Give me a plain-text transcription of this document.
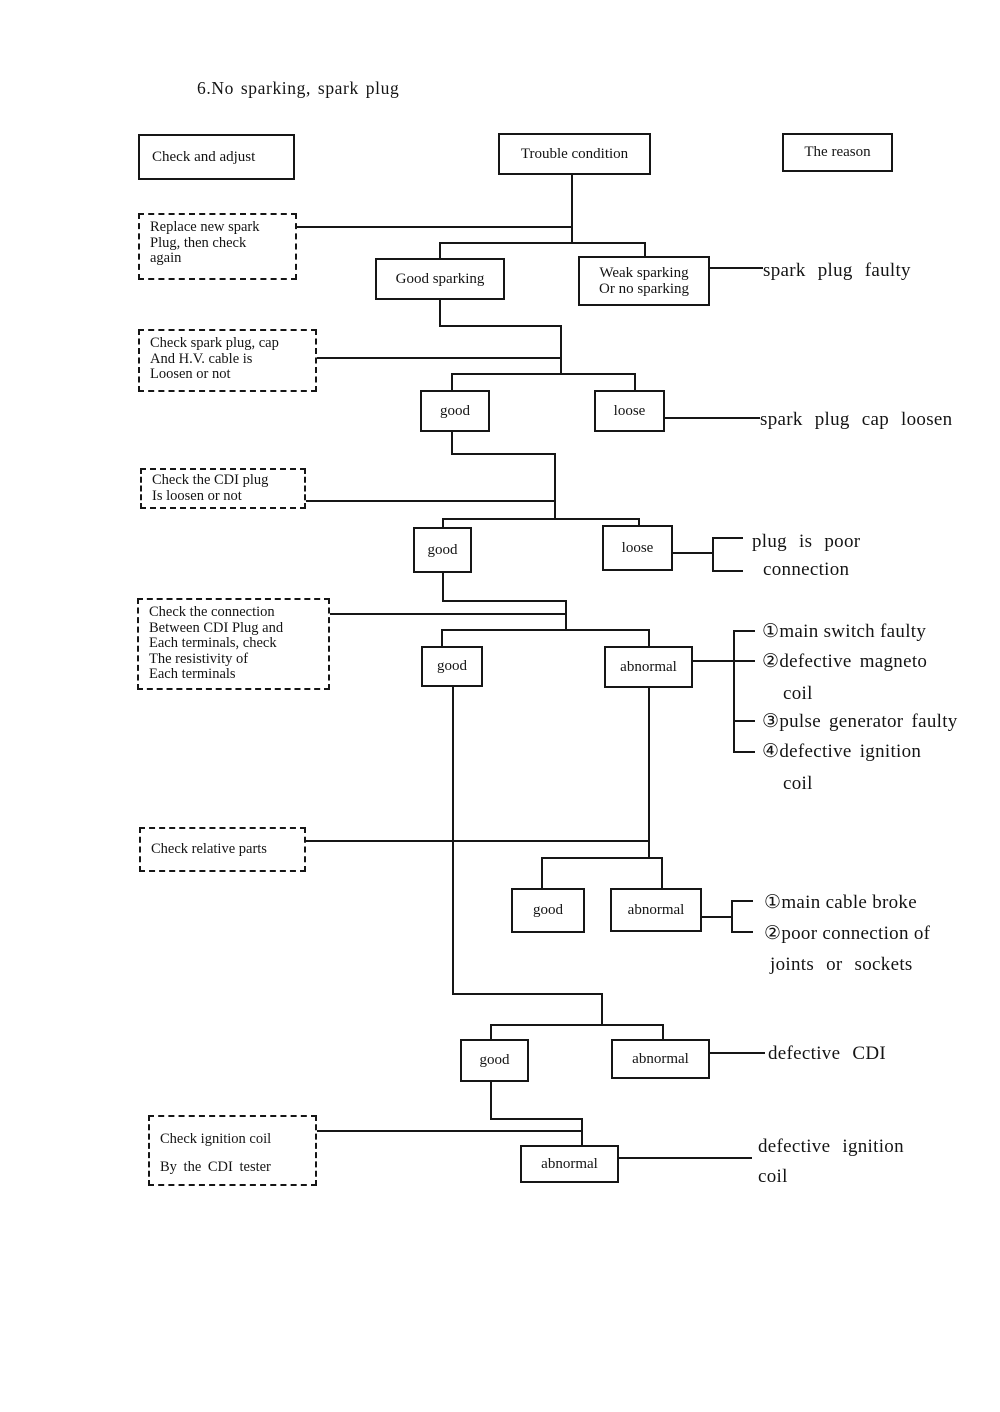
6.No sparking, spark plug
Check and adjust	Trouble condition	The reason
Replace new spark
Plug, then check
again
Check spark plug, cap
And H.V. cable is
Loosen or not
Check the CDI plug
Is loosen or not
Check the connection
Between CDI Plug and
Each terminals, check
The resistivity of
Each terminals
Check relative parts
Check ignition coil
By the CDI tester
Good sparking	Weak sparking
Or no sparking
good	loose
good	loose
good	abnormal
good	abnormal
good	abnormal
abnormal
spark plug faulty
spark plug cap loosen
plug is poor
connection
①main switch faulty
②defective magneto
coil
③pulse generator faulty
④defective ignition
coil
①main cable broke
②poor connection of
joints or sockets
defective CDI
defective ignition
coil
